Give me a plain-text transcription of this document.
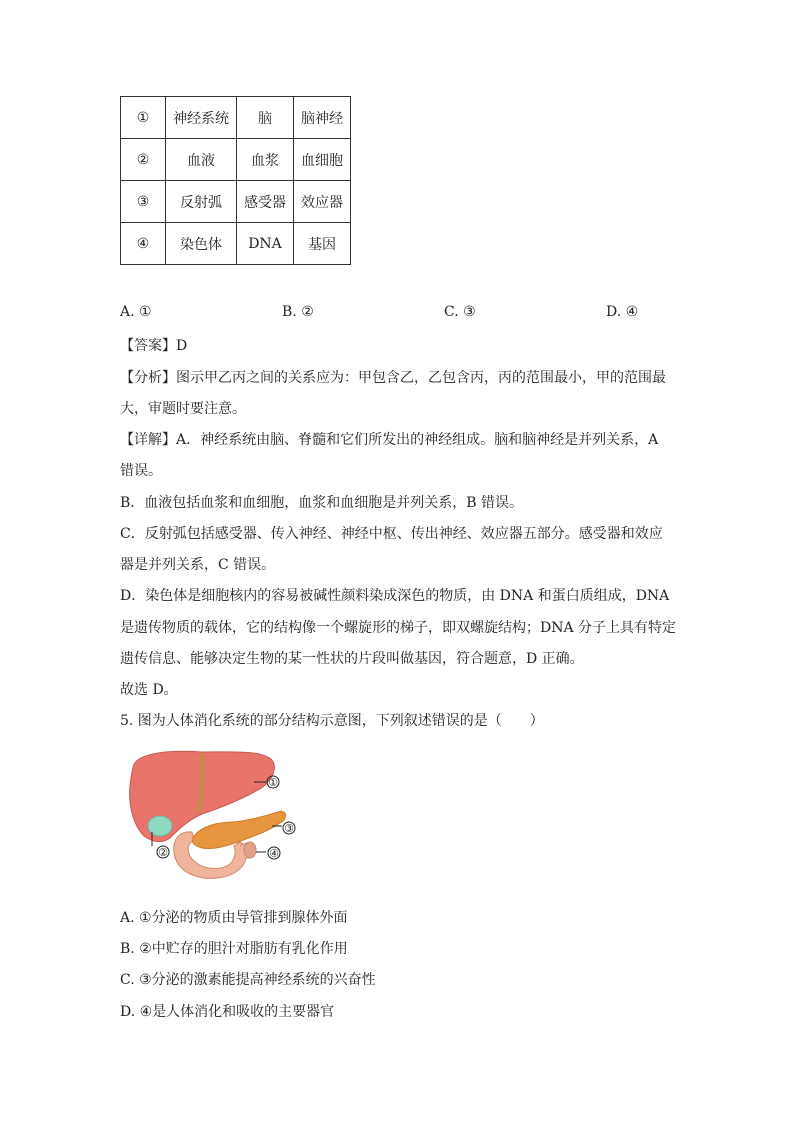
①	神经系统	脑	脑神经
②	血液	血浆	血细胞
③	反射弧	感受器	效应器
④	染色体	DNA	基因
A. ①	B. ②	C. ③	D. ④
【答案】D
【分析】图示甲乙丙之间的关系应为：甲包含乙，乙包含丙，丙的范围最小，甲的范围最
大，审题时要注意。
【详解】A．神经系统由脑、脊髓和它们所发出的神经组成。脑和脑神经是并列关系，A
错误。
B．血液包括血浆和血细胞，血浆和血细胞是并列关系，B 错误。
C．反射弧包括感受器、传入神经、神经中枢、传出神经、效应器五部分。感受器和效应
器是并列关系，C 错误。
D．染色体是细胞核内的容易被碱性颜料染成深色的物质，由 DNA 和蛋白质组成，DNA
是遗传物质的载体，它的结构像一个螺旋形的梯子，即双螺旋结构；DNA 分子上具有特定
遗传信息、能够决定生物的某一性状的片段叫做基因，符合题意，D 正确。
故选 D。
5. 图为人体消化系统的部分结构示意图，下列叙述错误的是（　　）
①
③
②	④
A. ①分泌的物质由导管排到腺体外面
B. ②中贮存的胆汁对脂肪有乳化作用
C. ③分泌的激素能提高神经系统的兴奋性
D. ④是人体消化和吸收的主要器官
